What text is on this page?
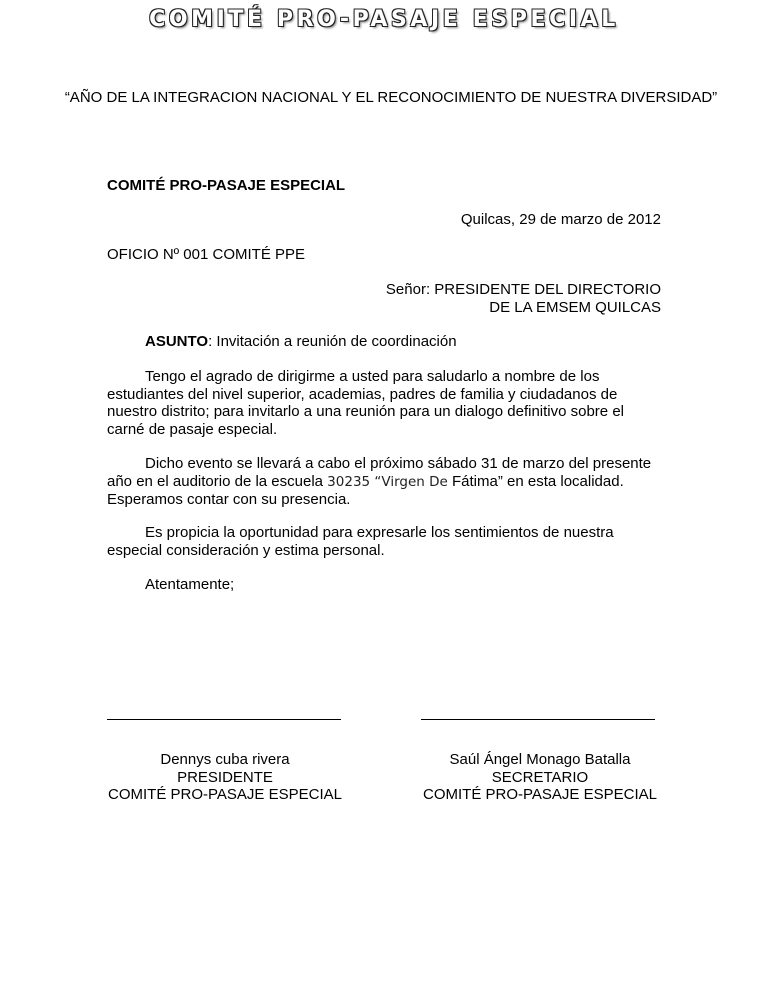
COMITÉ PRO-PASAJE ESPECIAL
“AÑO DE LA INTEGRACION NACIONAL Y EL RECONOCIMIENTO DE NUESTRA DIVERSIDAD”
COMITÉ PRO-PASAJE ESPECIAL
Quilcas, 29 de marzo de 2012
OFICIO Nº 001 COMITÉ PPE
Señor: PRESIDENTE DEL DIRECTORIO
DE LA EMSEM QUILCAS
ASUNTO: Invitación a reunión de coordinación
Tengo el agrado de dirigirme a usted para saludarlo a nombre de los estudiantes del nivel superior, academias, padres de familia y ciudadanos de nuestro distrito; para invitarlo a una reunión para un dialogo definitivo sobre el carné de pasaje especial.
Dicho evento se llevará a cabo el próximo sábado 31 de marzo del presente año en el auditorio de la escuela 30235 “Virgen De Fátima” en esta localidad. Esperamos contar con su presencia.
Es propicia la oportunidad para expresarle los sentimientos de nuestra especial consideración y estima personal.
Atentamente;
Dennys cuba rivera
PRESIDENTE
COMITÉ PRO-PASAJE ESPECIAL
Saúl Ángel Monago Batalla
SECRETARIO
COMITÉ PRO-PASAJE ESPECIAL
